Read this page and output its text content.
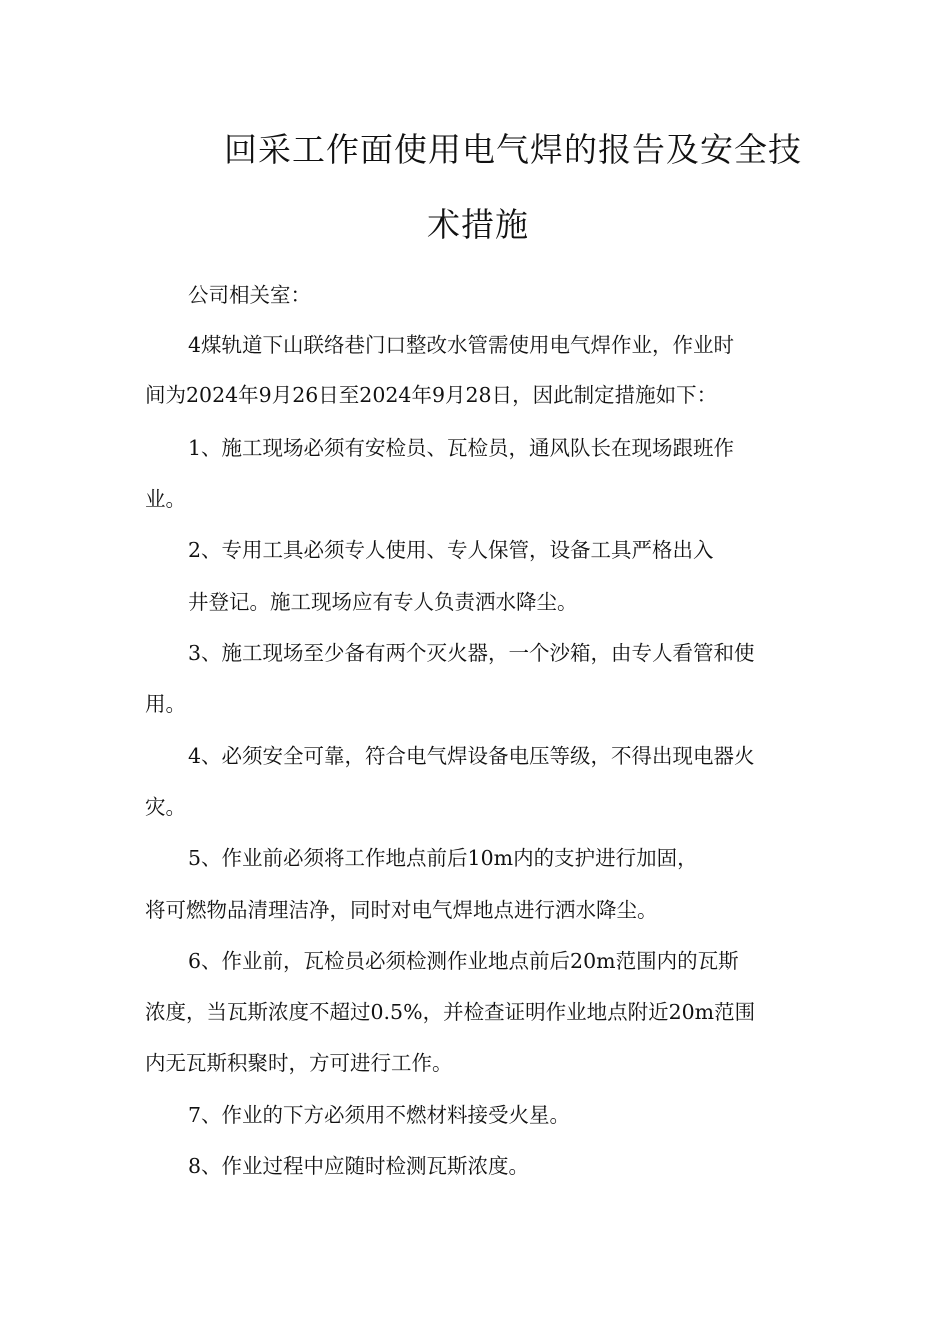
回采工作面使用电气焊的报告及安全技
术措施
公司相关室：
4煤轨道下山联络巷门口整改水管需使用电气焊作业，作业时
间为2024年9月26日至2024年9月28日，因此制定措施如下：
1、施工现场必须有安检员、瓦检员，通风队长在现场跟班作
业。
2、专用工具必须专人使用、专人保管，设备工具严格出入
井登记。施工现场应有专人负责洒水降尘。
3、施工现场至少备有两个灭火器，一个沙箱，由专人看管和使
用。
4、必须安全可靠，符合电气焊设备电压等级，不得出现电器火
灾。
5、作业前必须将工作地点前后10m内的支护进行加固，
将可燃物品清理洁净，同时对电气焊地点进行洒水降尘。
6、作业前，瓦检员必须检测作业地点前后20m范围内的瓦斯
浓度，当瓦斯浓度不超过0.5%，并检查证明作业地点附近20m范围
内无瓦斯积聚时，方可进行工作。
7、作业的下方必须用不燃材料接受火星。
8、作业过程中应随时检测瓦斯浓度。
